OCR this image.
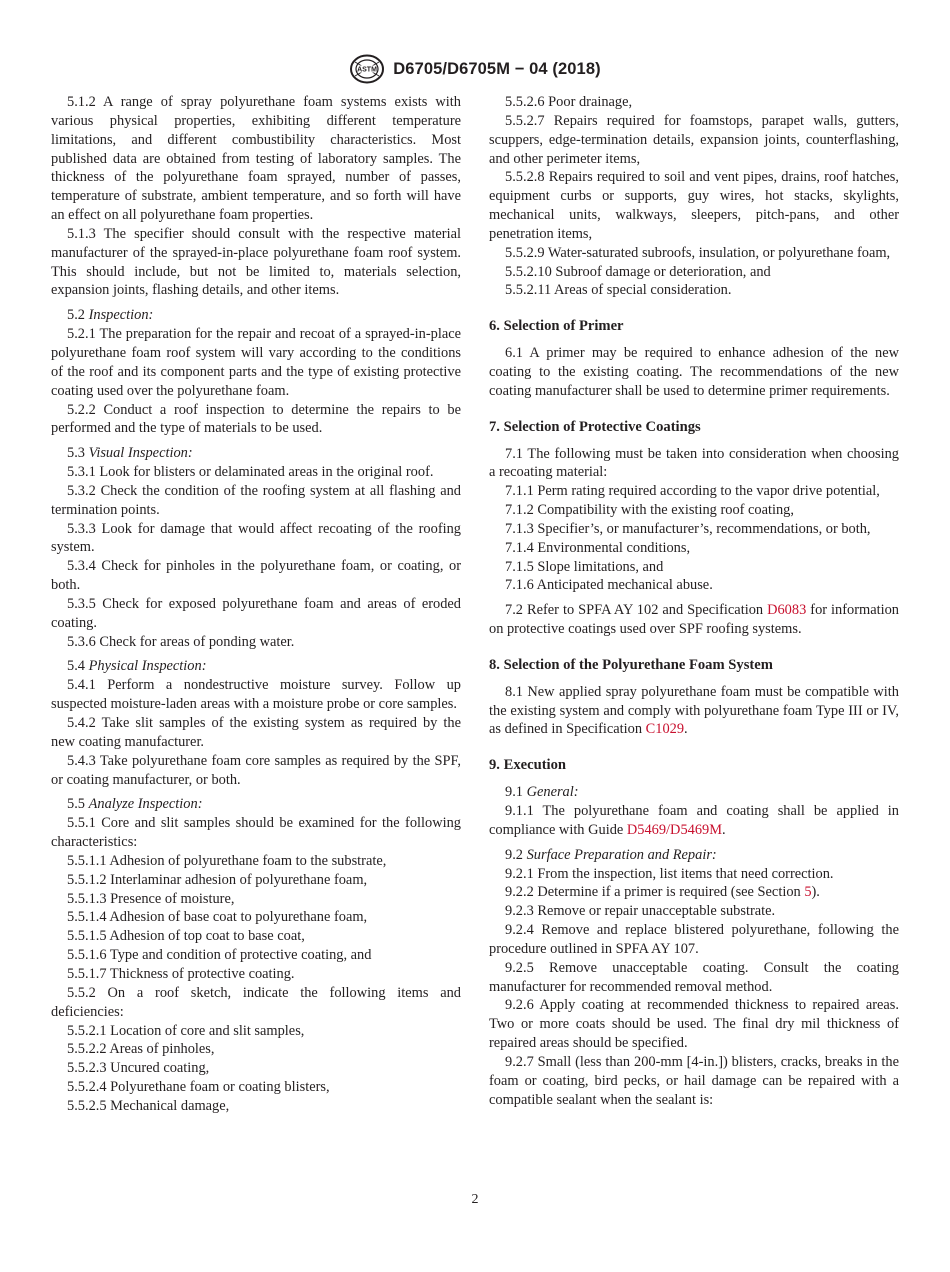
ASTM D6705/D6705M − 04 (2018)

5.1.2 A range of spray polyurethane foam systems exists with various physical properties, exhibiting different temperature limitations, and different combustibility characteristics. Most published data are obtained from testing of laboratory samples. The thickness of the polyurethane foam sprayed, number of passes, temperature of substrate, ambient temperature, and so forth will have an effect on all polyurethane foam properties.

5.1.3 The specifier should consult with the respective material manufacturer of the sprayed-in-place polyurethane foam roof system. This should include, but not be limited to, materials selection, expansion joints, flashing details, and other items.

5.2 Inspection:

5.2.1 The preparation for the repair and recoat of a sprayed-in-place polyurethane foam roof system will vary according to the conditions of the roof and its component parts and the type of existing protective coating used over the polyurethane foam.

5.2.2 Conduct a roof inspection to determine the repairs to be performed and the type of materials to be used.

5.3 Visual Inspection:

5.3.1 Look for blisters or delaminated areas in the original roof.

5.3.2 Check the condition of the roofing system at all flashing and termination points.

5.3.3 Look for damage that would affect recoating of the roofing system.

5.3.4 Check for pinholes in the polyurethane foam, or coating, or both.

5.3.5 Check for exposed polyurethane foam and areas of eroded coating.

5.3.6 Check for areas of ponding water.

5.4 Physical Inspection:

5.4.1 Perform a nondestructive moisture survey. Follow up suspected moisture-laden areas with a moisture probe or core samples.

5.4.2 Take slit samples of the existing system as required by the new coating manufacturer.

5.4.3 Take polyurethane foam core samples as required by the SPF, or coating manufacturer, or both.

5.5 Analyze Inspection:

5.5.1 Core and slit samples should be examined for the following characteristics:

5.5.1.1 Adhesion of polyurethane foam to the substrate,

5.5.1.2 Interlaminar adhesion of polyurethane foam,

5.5.1.3 Presence of moisture,

5.5.1.4 Adhesion of base coat to polyurethane foam,

5.5.1.5 Adhesion of top coat to base coat,

5.5.1.6 Type and condition of protective coating, and

5.5.1.7 Thickness of protective coating.

5.5.2 On a roof sketch, indicate the following items and deficiencies:

5.5.2.1 Location of core and slit samples,

5.5.2.2 Areas of pinholes,

5.5.2.3 Uncured coating,

5.5.2.4 Polyurethane foam or coating blisters,

5.5.2.5 Mechanical damage,

5.5.2.6 Poor drainage,

5.5.2.7 Repairs required for foamstops, parapet walls, gutters, scuppers, edge-termination details, expansion joints, counterflashing, and other perimeter items,

5.5.2.8 Repairs required to soil and vent pipes, drains, roof hatches, equipment curbs or supports, guy wires, hot stacks, skylights, mechanical units, walkways, sleepers, pitch-pans, and other penetration items,

5.5.2.9 Water-saturated subroofs, insulation, or polyurethane foam,

5.5.2.10 Subroof damage or deterioration, and

5.5.2.11 Areas of special consideration.

6. Selection of Primer

6.1 A primer may be required to enhance adhesion of the new coating to the existing coating. The recommendations of the new coating manufacturer shall be used to determine primer requirements.

7. Selection of Protective Coatings

7.1 The following must be taken into consideration when choosing a recoating material:

7.1.1 Perm rating required according to the vapor drive potential,

7.1.2 Compatibility with the existing roof coating,

7.1.3 Specifier’s, or manufacturer’s, recommendations, or both,

7.1.4 Environmental conditions,

7.1.5 Slope limitations, and

7.1.6 Anticipated mechanical abuse.

7.2 Refer to SPFA AY 102 and Specification D6083 for information on protective coatings used over SPF roofing systems.

8. Selection of the Polyurethane Foam System

8.1 New applied spray polyurethane foam must be compatible with the existing system and comply with polyurethane foam Type III or IV, as defined in Specification C1029.

9. Execution

9.1 General:

9.1.1 The polyurethane foam and coating shall be applied in compliance with Guide D5469/D5469M.

9.2 Surface Preparation and Repair:

9.2.1 From the inspection, list items that need correction.

9.2.2 Determine if a primer is required (see Section 5).

9.2.3 Remove or repair unacceptable substrate.

9.2.4 Remove and replace blistered polyurethane, following the procedure outlined in SPFA AY 107.

9.2.5 Remove unacceptable coating. Consult the coating manufacturer for recommended removal method.

9.2.6 Apply coating at recommended thickness to repaired areas. Two or more coats should be used. The final dry mil thickness of repaired areas should be specified.

9.2.7 Small (less than 200-mm [4-in.]) blisters, cracks, breaks in the foam or coating, bird pecks, or hail damage can be repaired with a compatible sealant when the sealant is:

2
